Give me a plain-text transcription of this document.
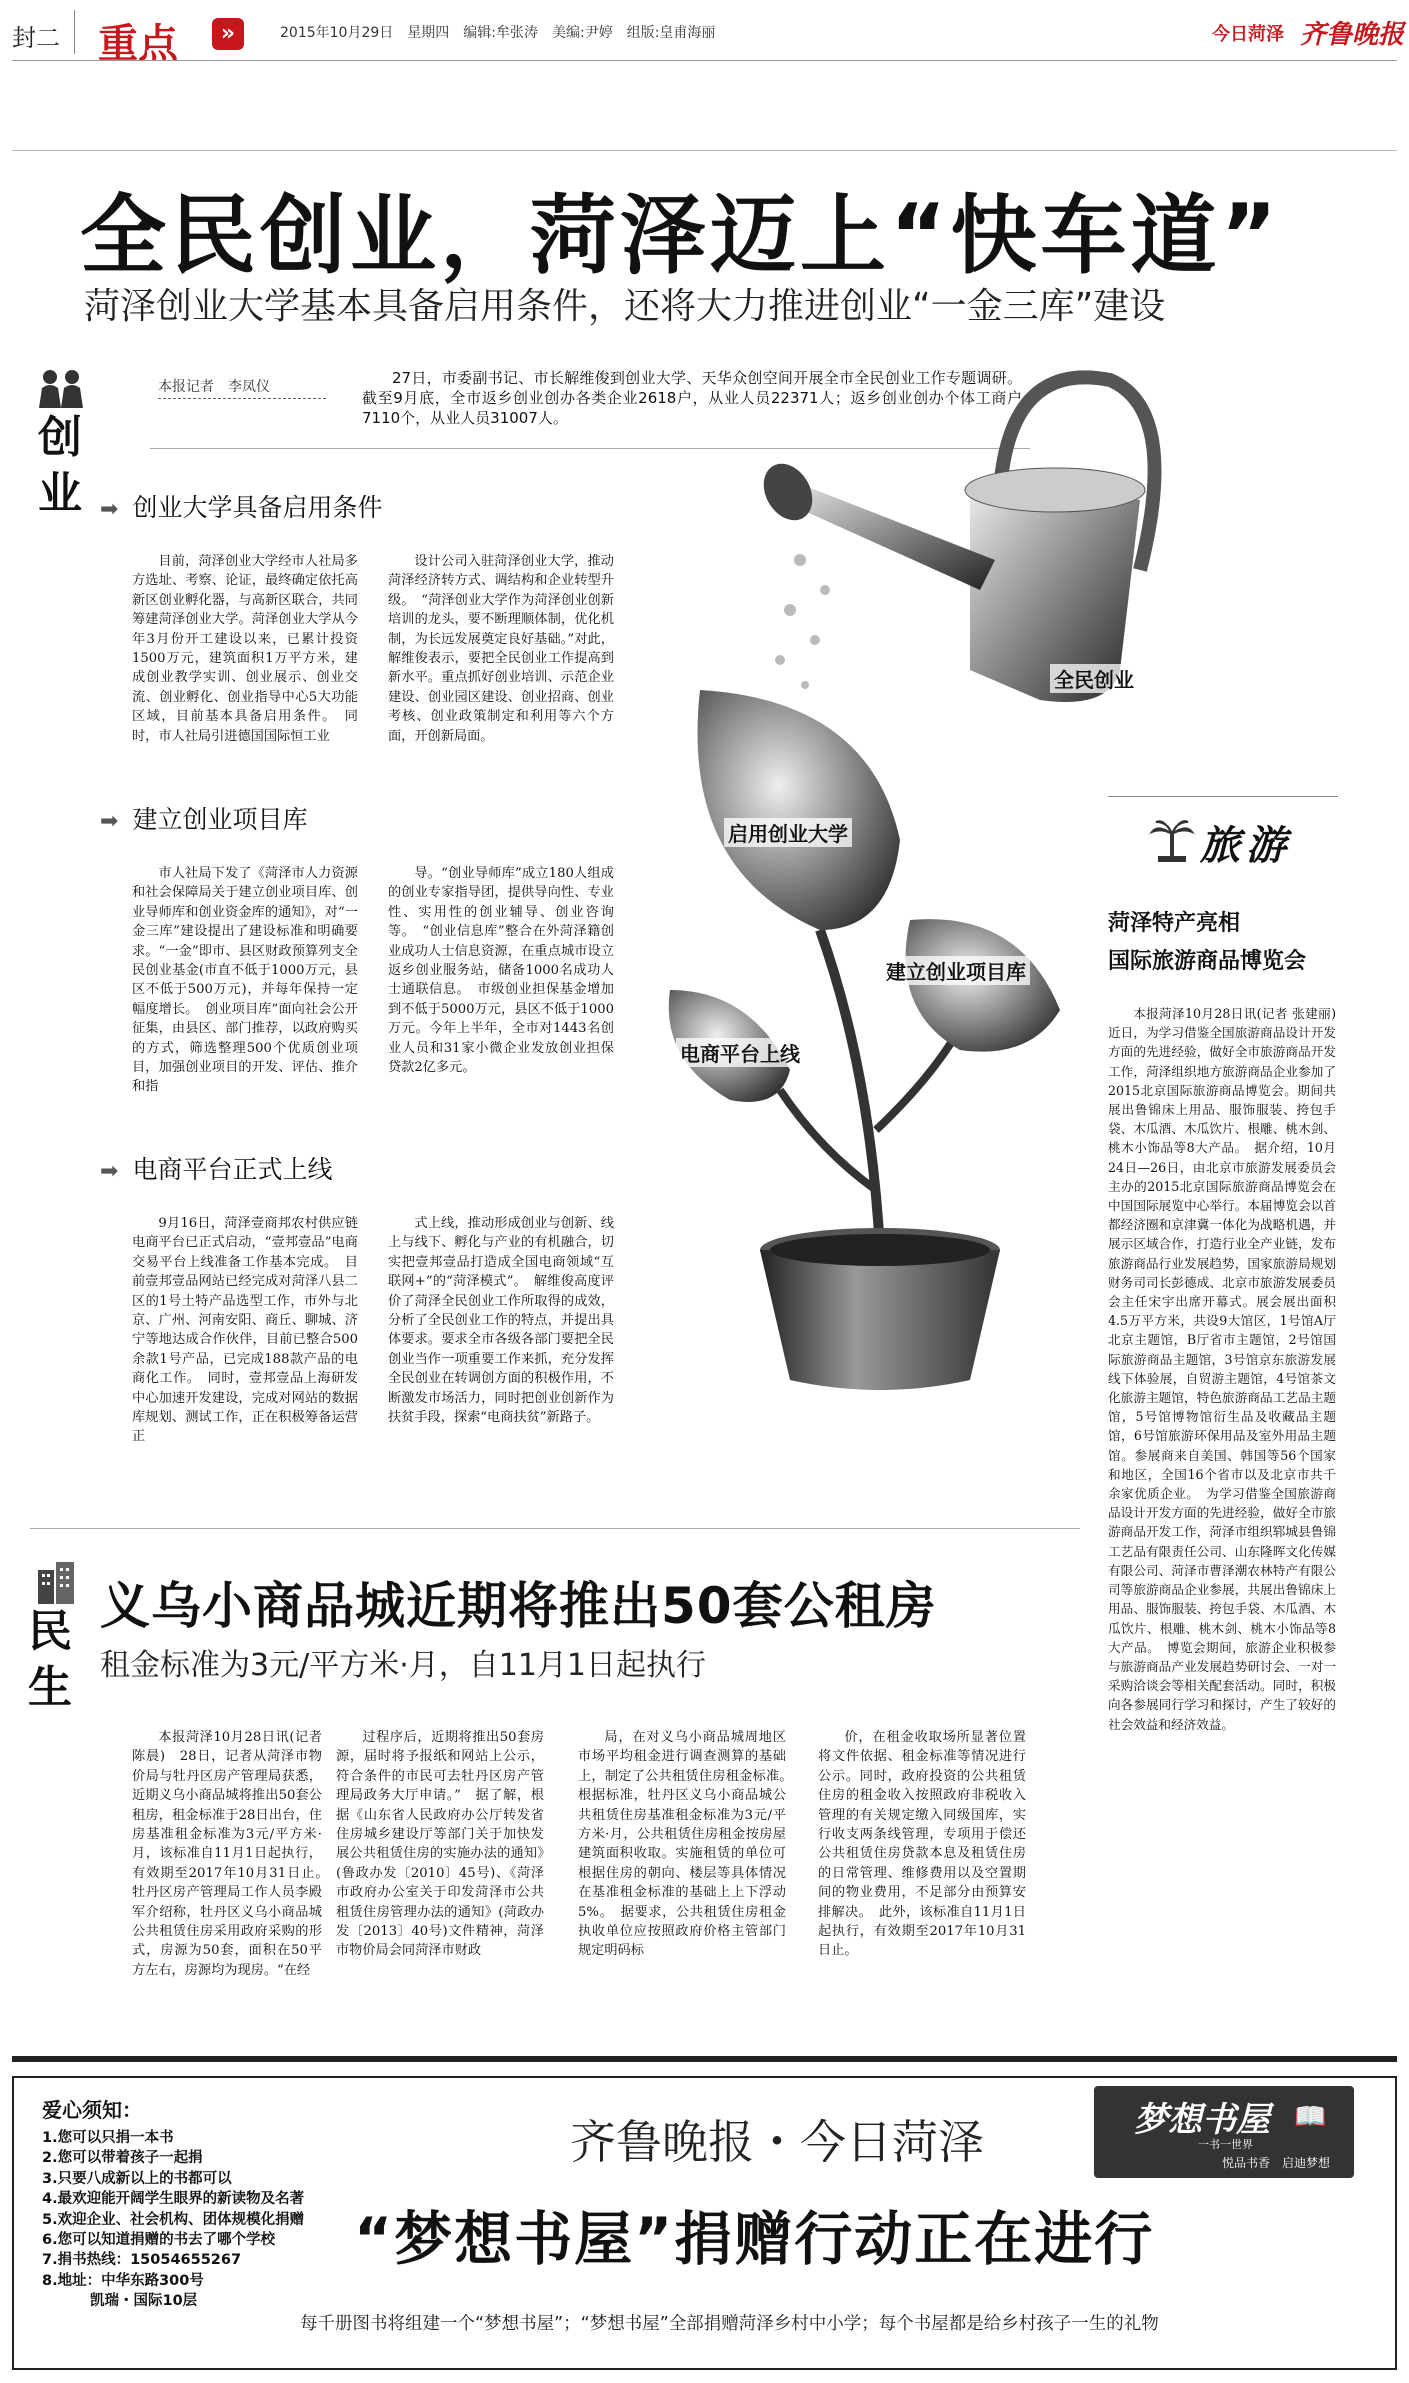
封二 重点	»	2015年10月29日　星期四　编辑:牟张涛　美编:尹婷　组版:皇甫海丽	今日菏泽 齐鲁晚报
全民创业，菏泽迈上“快车道”
菏泽创业大学基本具备启用条件，还将大力推进创业“一金三库”建设
创
业
本报记者　李凤仪	27日，市委副书记、市长解维俊到创业大学、天华众创空间开展全市全民创业工作专题调研。截至9月底，全市返乡创业创办各类企业2618户，从业人员22371人；返乡创业创办个体工商户7110个，从业人员31007人。
➡ 创业大学具备启用条件
目前，菏泽创业大学经市人社局多方选址、考察、论证，最终确定依托高新区创业孵化器，与高新区联合，共同筹建菏泽创业大学。菏泽创业大学从今年3月份开工建设以来，已累计投资1500万元，建筑面积1万平方米，建成创业教学实训、创业展示、创业交流、创业孵化、创业指导中心5大功能区域，目前基本具备启用条件。　同时，市人社局引进德国国际恒工业
设计公司入驻菏泽创业大学，推动菏泽经济转方式、调结构和企业转型升级。　“菏泽创业大学作为菏泽创业创新培训的龙头，要不断理顺体制，优化机制，为长远发展奠定良好基础。”对此，解维俊表示，要把全民创业工作提高到新水平。重点抓好创业培训、示范企业建设、创业园区建设、创业招商、创业考核、创业政策制定和利用等六个方面，开创新局面。
➡ 建立创业项目库
市人社局下发了《菏泽市人力资源和社会保障局关于建立创业项目库、创业导师库和创业资金库的通知》，对“一金三库”建设提出了建设标准和明确要求。“一金”即市、县区财政预算列支全民创业基金(市直不低于1000万元，县区不低于500万元)，并每年保持一定幅度增长。　创业项目库”面向社会公开征集，由县区、部门推荐，以政府购买的方式，筛选整理500个优质创业项目，加强创业项目的开发、评估、推介和指
导。“创业导师库”成立180人组成的创业专家指导团，提供导向性、专业性、实用性的创业辅导、创业咨询等。　“创业信息库”整合在外菏泽籍创业成功人士信息资源，在重点城市设立返乡创业服务站，储备1000名成功人士通联信息。　市级创业担保基金增加到不低于5000万元，县区不低于1000万元。今年上半年，全市对1443名创业人员和31家小微企业发放创业担保贷款2亿多元。
➡ 电商平台正式上线
9月16日，菏泽壹商邦农村供应链电商平台已正式启动，“壹邦壹品”电商交易平台上线准备工作基本完成。　目前壹邦壹品网站已经完成对菏泽八县二区的1号土特产品选型工作，市外与北京、广州、河南安阳、商丘、聊城、济宁等地达成合作伙伴，目前已整合500余款1号产品，已完成188款产品的电商化工作。　同时，壹邦壹品上海研发中心加速开发建设，完成对网站的数据库规划、测试工作，正在积极筹备运营正
式上线，推动形成创业与创新、线上与线下、孵化与产业的有机融合，切实把壹邦壹品打造成全国电商领域“互联网+”的“菏泽模式”。　解维俊高度评价了菏泽全民创业工作所取得的成效，分析了全民创业工作的特点，并提出具体要求。要求全市各级各部门要把全民创业当作一项重要工作来抓，充分发挥全民创业在转调创方面的积极作用，不断激发市场活力，同时把创业创新作为扶贫手段，探索“电商扶贫”新路子。
全民创业
启用创业大学
建立创业项目库
电商平台上线
旅游
菏泽特产亮相
国际旅游商品博览会
本报菏泽10月28日讯(记者 张建丽)　近日，为学习借鉴全国旅游商品设计开发方面的先进经验，做好全市旅游商品开发工作，菏泽组织地方旅游商品企业参加了2015北京国际旅游商品博览会。期间共展出鲁锦床上用品、服饰服装、挎包手袋、木瓜酒、木瓜饮片、根雕、桃木剑、桃木小饰品等8大产品。　据介绍，10月24日—26日，由北京市旅游发展委员会主办的2015北京国际旅游商品博览会在中国国际展览中心举行。本届博览会以首都经济圈和京津冀一体化为战略机遇，并展示区域合作，打造行业全产业链，发布旅游商品行业发展趋势，国家旅游局规划财务司司长彭德成、北京市旅游发展委员会主任宋宇出席开幕式。展会展出面积4.5万平方米，共设9大馆区，1号馆A厅北京主题馆，B厅省市主题馆，2号馆国际旅游商品主题馆，3号馆京东旅游发展线下体验展，自贸游主题馆，4号馆茶文化旅游主题馆，特色旅游商品工艺品主题馆，5号馆博物馆衍生品及收藏品主题馆，6号馆旅游环保用品及室外用品主题馆。参展商来自美国、韩国等56个国家和地区，全国16个省市以及北京市共千余家优质企业。　为学习借鉴全国旅游商品设计开发方面的先进经验，做好全市旅游商品开发工作，菏泽市组织郓城县鲁锦工艺品有限责任公司、山东隆晖文化传媒有限公司、菏泽市曹泽潮农林特产有限公司等旅游商品企业参展，共展出鲁锦床上用品、服饰服装、挎包手袋、木瓜酒、木瓜饮片、根雕、桃木剑、桃木小饰品等8大产品。　博览会期间，旅游企业积极参与旅游商品产业发展趋势研讨会、一对一采购洽谈会等相关配套活动。同时，积极向各参展同行学习和探讨，产生了较好的社会效益和经济效益。
民
生
义乌小商品城近期将推出50套公租房
租金标准为3元/平方米·月，自11月1日起执行
本报菏泽10月28日讯(记者 陈晨)　28日，记者从菏泽市物价局与牡丹区房产管理局获悉，近期义乌小商品城将推出50套公租房，租金标准于28日出台，住房基准租金标准为3元/平方米·月，该标准自11月1日起执行，有效期至2017年10月31日止。　牡丹区房产管理局工作人员李殿军介绍称，牡丹区义乌小商品城公共租赁住房采用政府采购的形式，房源为50套，面积在50平方左右，房源均为现房。“在经
过程序后，近期将推出50套房源，届时将予报纸和网站上公示，符合条件的市民可去牡丹区房产管理局政务大厅申请。”　据了解，根据《山东省人民政府办公厅转发省住房城乡建设厅等部门关于加快发展公共租赁住房的实施办法的通知》(鲁政办发〔2010〕45号)、《菏泽市政府办公室关于印发菏泽市公共租赁住房管理办法的通知》(菏政办发〔2013〕40号)文件精神，菏泽市物价局会同菏泽市财政
局，在对义乌小商品城周地区市场平均租金进行调查测算的基础上，制定了公共租赁住房租金标准。　根据标准，牡丹区义乌小商品城公共租赁住房基准租金标准为3元/平方米·月，公共租赁住房租金按房屋建筑面积收取。实施租赁的单位可根据住房的朝向、楼层等具体情况在基准租金标准的基础上上下浮动5%。　据要求，公共租赁住房租金执收单位应按照政府价格主管部门规定明码标
价，在租金收取场所显著位置将文件依据、租金标准等情况进行公示。同时，政府投资的公共租赁住房的租金收入按照政府非税收入管理的有关规定缴入同级国库，实行收支两条线管理，专项用于偿还公共租赁住房贷款本息及租赁住房的日常管理、维修费用以及空置期间的物业费用，不足部分由预算安排解决。　此外，该标准自11月1日起执行，有效期至2017年10月31日止。
爱心须知：
1.您可以只捐一本书
2.您可以带着孩子一起捐
3.只要八成新以上的书都可以
4.最欢迎能开阔学生眼界的新读物及名著
5.欢迎企业、社会机构、团体规模化捐赠
6.您可以知道捐赠的书去了哪个学校
7.捐书热线：15054655267
8.地址：中华东路300号
凯瑞・国际10层
齐鲁晚报・今日菏泽	梦想书屋 📖
一书一世界
悦品书香　启迪梦想
“梦想书屋”捐赠行动正在进行
每千册图书将组建一个“梦想书屋”；“梦想书屋”全部捐赠菏泽乡村中小学；每个书屋都是给乡村孩子一生的礼物
